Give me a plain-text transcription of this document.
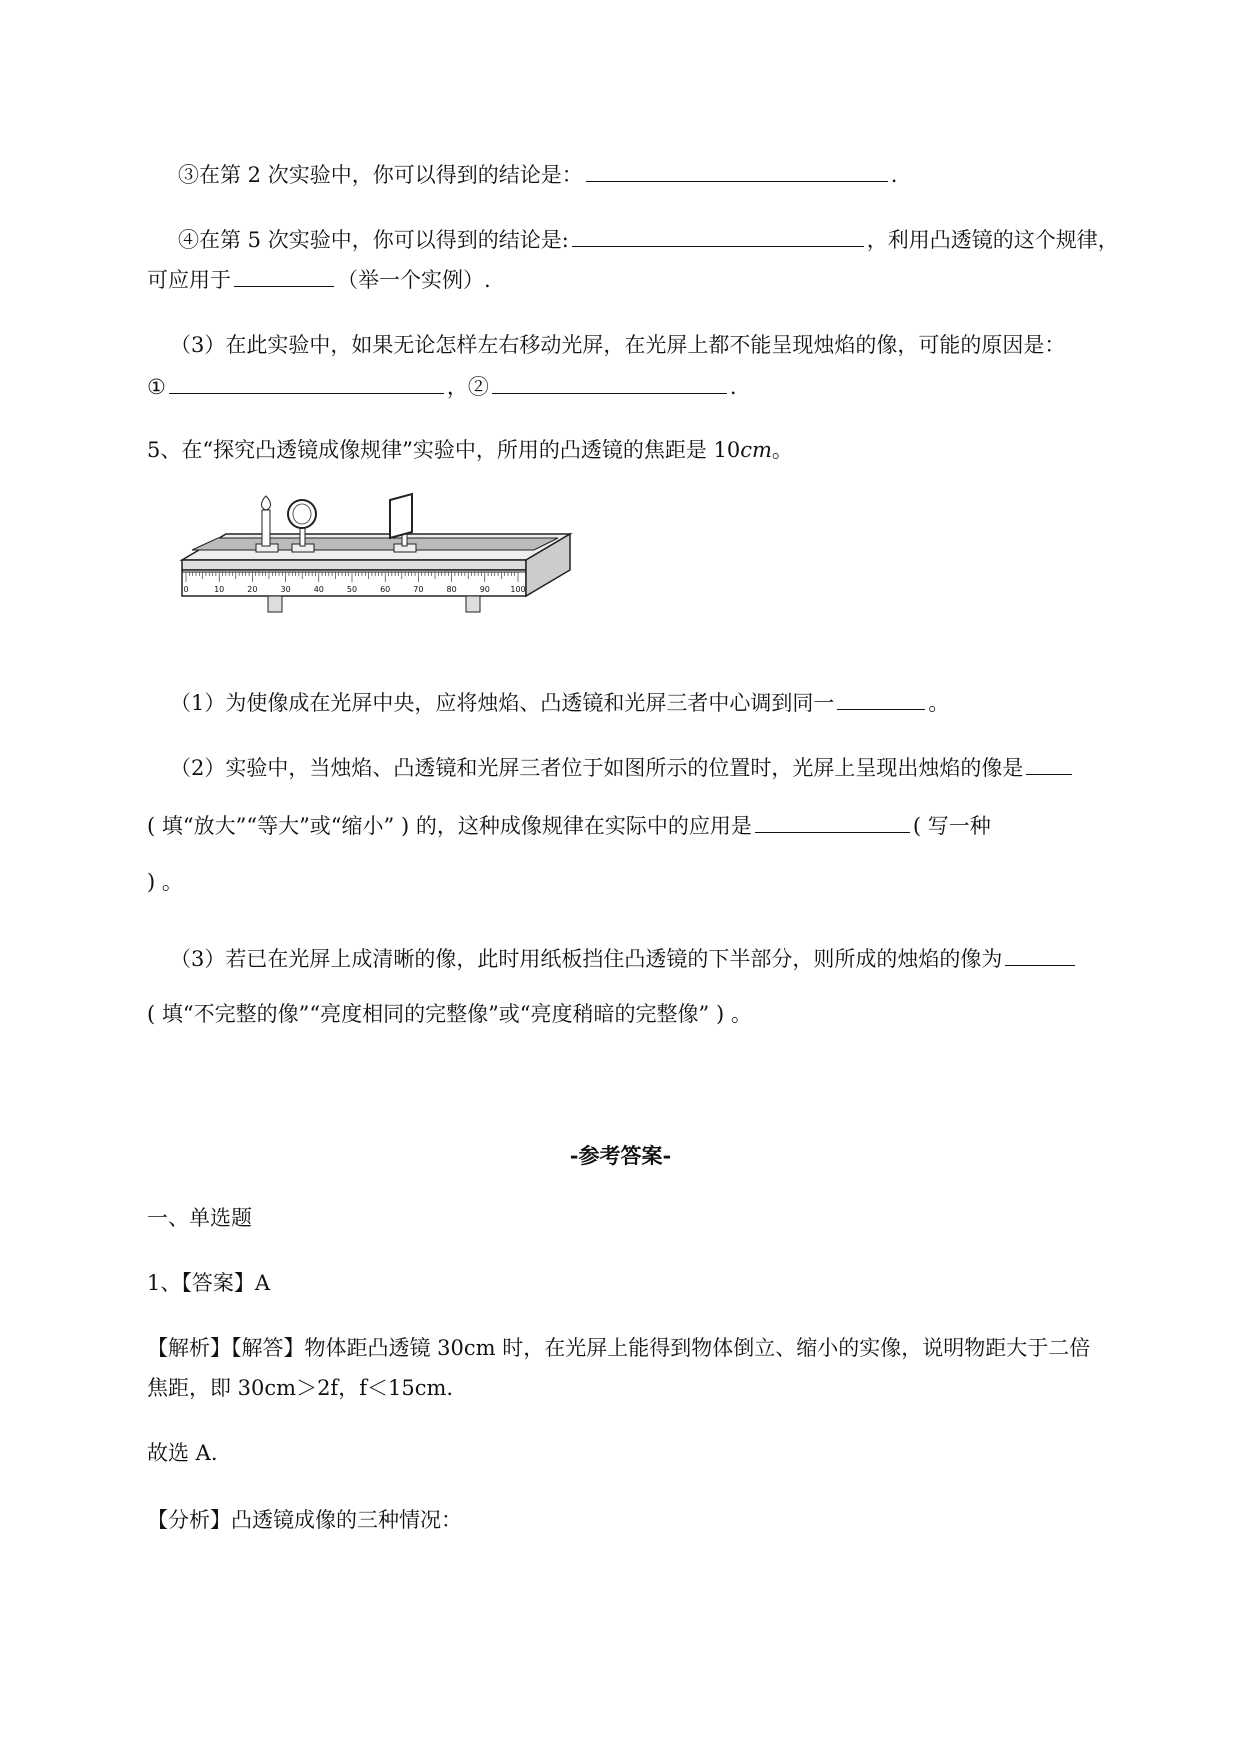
③在第 2 次实验中，你可以得到的结论是：	.
④在第 5 次实验中，你可以得到的结论是:	，利用凸透镜的这个规律，
可应用于	（举一个实例）.
（3）在此实验中，如果无论怎样左右移动光屏，在光屏上都不能呈现烛焰的像，可能的原因是：
①	，②	.
5、在“探究凸透镜成像规律”实验中，所用的凸透镜的焦距是 10cm。
0	10	20	30	40	50	60	70	80	90	100
（1）为使像成在光屏中央，应将烛焰、凸透镜和光屏三者中心调到同一	。
（2）实验中，当烛焰、凸透镜和光屏三者位于如图所示的位置时，光屏上呈现出烛焰的像是
( 填“放大”“等大”或“缩小” ) 的，这种成像规律在实际中的应用是	( 写一种
) 。
（3）若已在光屏上成清晰的像，此时用纸板挡住凸透镜的下半部分，则所成的烛焰的像为
( 填“不完整的像”“亮度相同的完整像”或“亮度稍暗的完整像” ) 。
-参考答案-
一、单选题
1、【答案】A
【解析】【解答】物体距凸透镜 30cm 时，在光屏上能得到物体倒立、缩小的实像，说明物距大于二倍
焦距，即 30cm＞2f，f＜15cm.
故选 A.
【分析】凸透镜成像的三种情况：
